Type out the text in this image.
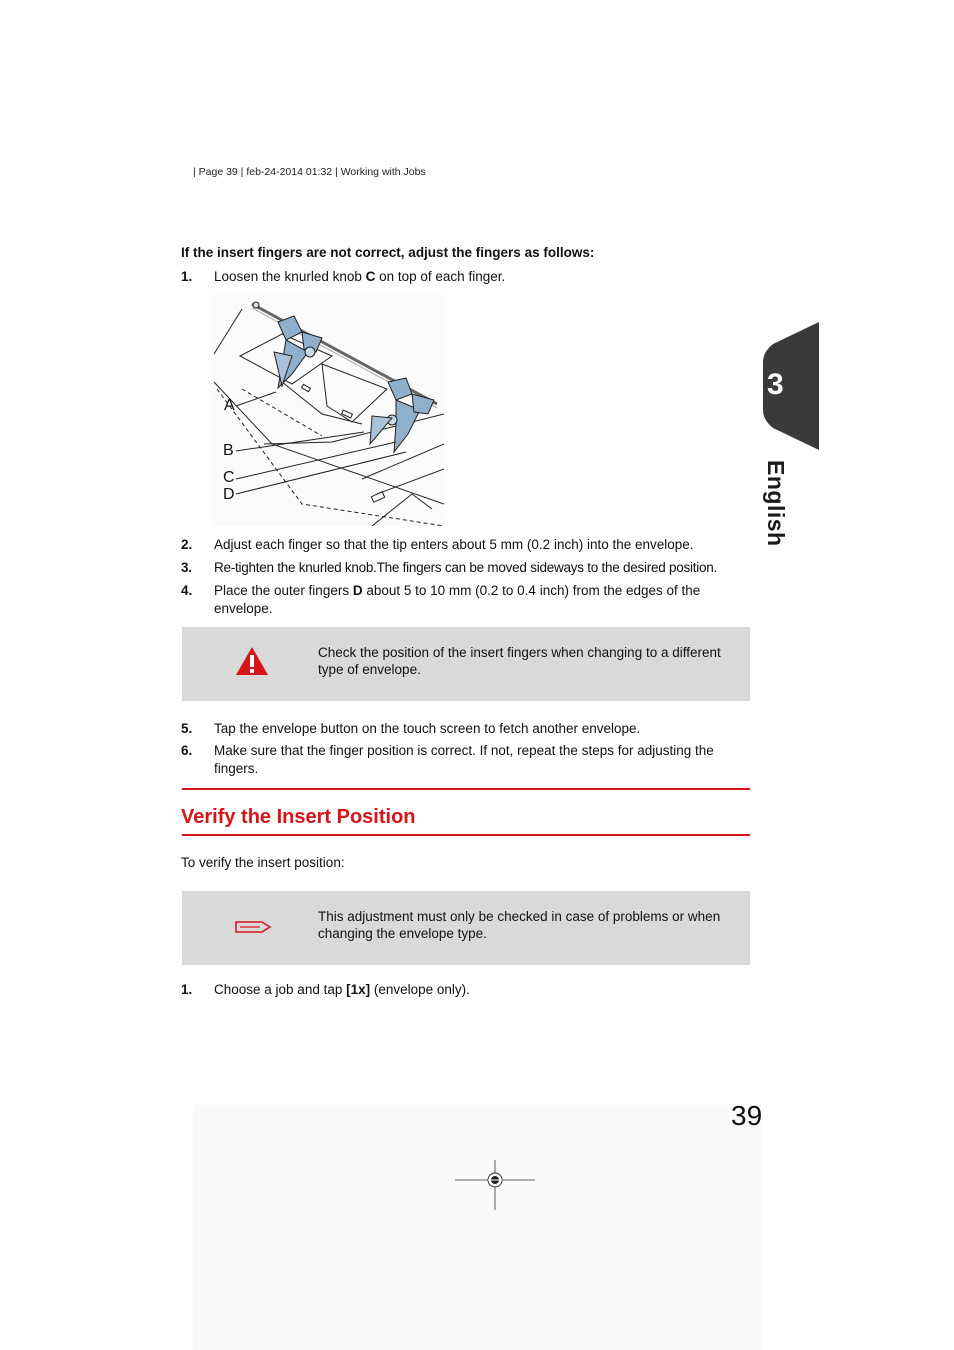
| Page 39 | feb-24-2014 01:32 | Working with Jobs
If the insert fingers are not correct, adjust the fingers as follows:
1. Loosen the knurled knob C on top of each finger.
A
B
C
D
2. Adjust each finger so that the tip enters about 5 mm (0.2 inch) into the envelope.
3. Re-tighten the knurled knob.The fingers can be moved sideways to the desired position.
4. Place the outer fingers D about 5 to 10 mm (0.2 to 0.4 inch) from the edges of the envelope.
Check the position of the insert fingers when changing to a different type of envelope.
5. Tap the envelope button on the touch screen to fetch another envelope.
6. Make sure that the finger position is correct. If not, repeat the steps for adjusting the fingers.
Verify the Insert Position
To verify the insert position:
This adjustment must only be checked in case of problems or when changing the envelope type.
1. Choose a job and tap [1x] (envelope only).
3
English
39
